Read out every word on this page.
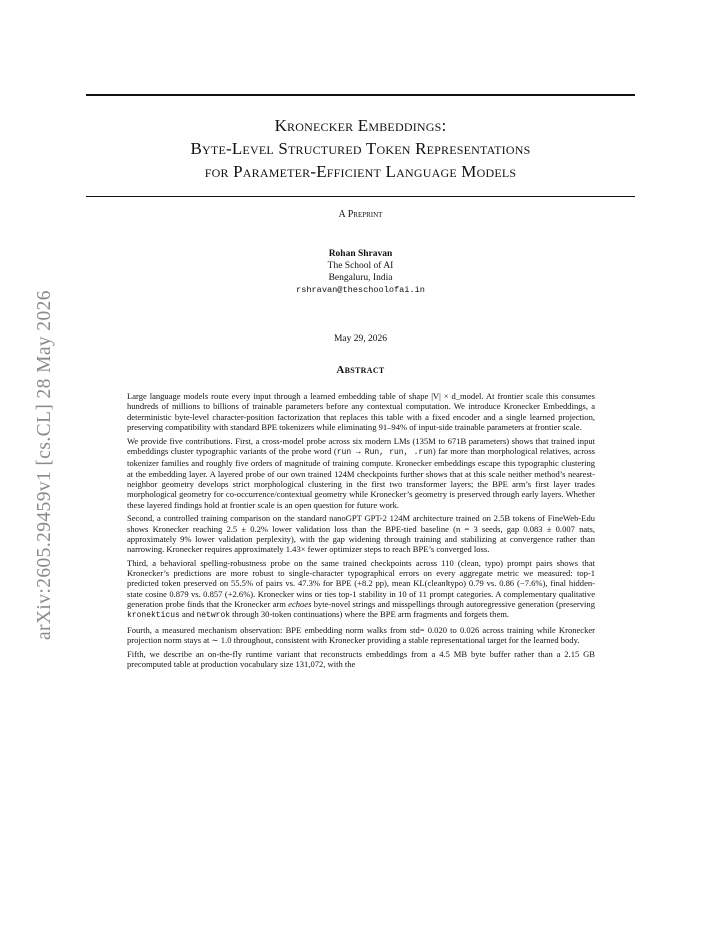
arXiv:2605.29459v1 [cs.CL] 28 May 2026
Kronecker Embeddings:
Byte-Level Structured Token Representations
for Parameter-Efficient Language Models
A Preprint
Rohan Shravan
The School of AI
Bengaluru, India
rshravan@theschoolofai.in
May 29, 2026
Abstract

Large language models route every input through a learned embedding table of shape |V| × d_model. At frontier scale this consumes hundreds of millions to billions of trainable parameters before any contextual computation. We introduce Kronecker Embeddings, a deterministic byte-level character-position factorization that replaces this table with a fixed encoder and a single learned projection, preserving compatibility with standard BPE tokenizers while eliminating 91–94% of input-side trainable parameters at frontier scale.

We provide five contributions. First, a cross-model probe across six modern LMs (135M to 671B parameters) shows that trained input embeddings cluster typographic variants of the probe word (run → Run, run, .run) far more than morphological relatives, across tokenizer families and roughly five orders of magnitude of training compute. Kronecker embeddings escape this typographic clustering at the embedding layer. A layered probe of our own trained 124M checkpoints further shows that at this scale neither method’s nearest-neighbor geometry develops strict morphological clustering in the first two transformer layers; the BPE arm’s first layer trades morphological geometry for co-occurrence/contextual geometry while Kronecker’s geometry is preserved through early layers. Whether these layered findings hold at frontier scale is an open question for future work.

Second, a controlled training comparison on the standard nanoGPT GPT-2 124M architecture trained on 2.5B tokens of FineWeb-Edu shows Kronecker reaching 2.5 ± 0.2% lower validation loss than the BPE-tied baseline (n = 3 seeds, gap 0.083 ± 0.007 nats, approximately 9% lower validation perplexity), with the gap widening through training and stabilizing at convergence rather than narrowing. Kronecker requires approximately 1.43× fewer optimizer steps to reach BPE’s converged loss.

Third, a behavioral spelling-robustness probe on the same trained checkpoints across 110 (clean, typo) prompt pairs shows that Kronecker’s predictions are more robust to single-character typographical errors on every aggregate metric we measured: top-1 predicted token preserved on 55.5% of pairs vs. 47.3% for BPE (+8.2 pp), mean KL(clean‖typo) 0.79 vs. 0.86 (−7.6%), final hidden-state cosine 0.879 vs. 0.857 (+2.6%). Kronecker wins or ties top-1 stability in 10 of 11 prompt categories. A complementary qualitative generation probe finds that the Kronecker arm echoes byte-novel strings and misspellings through autoregressive generation (preserving kronekticus and netwrok through 30-token continuations) where the BPE arm fragments and forgets them.

Fourth, a measured mechanism observation: BPE embedding norm walks from std= 0.020 to 0.026 across training while Kronecker projection norm stays at ∼ 1.0 throughout, consistent with Kronecker providing a stable representational target for the learned body.

Fifth, we describe an on-the-fly runtime variant that reconstructs embeddings from a 4.5 MB byte buffer rather than a 2.15 GB precomputed table at production vocabulary size 131,072, with the
